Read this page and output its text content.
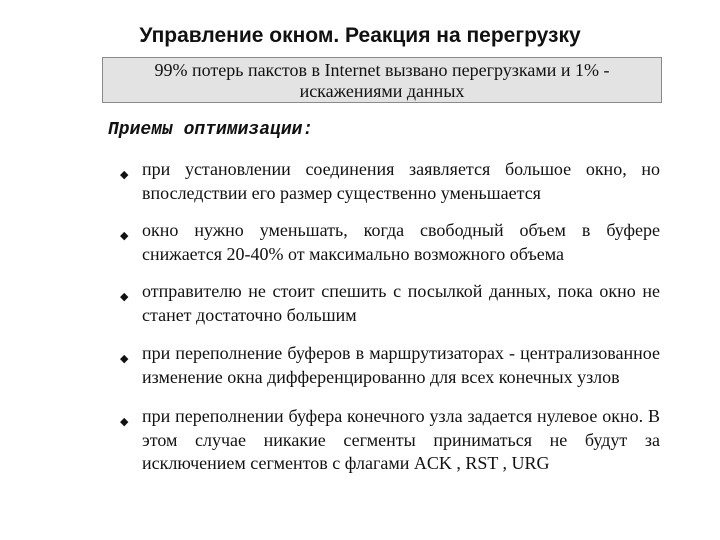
Управление окном. Реакция на перегрузку
99% потерь пакстов в Internet вызвано перегрузками и 1% -
искажениями данных
Приемы оптимизации:
◆ при установлении соединения заявляется большое окно, но впоследствии его размер существенно уменьшается
◆ окно нужно уменьшать, когда свободный объем в буфере снижается 20-40% от максимально возможного объема
◆ отправителю не стоит спешить с посылкой данных, пока окно не станет достаточно большим
◆ при переполнение буферов в маршрутизаторах - централизованное изменение окна дифференцированно для всех конечных узлов
◆ при переполнении буфера конечного узла задается нулевое окно. В этом случае никакие сегменты приниматься не будут за исключением сегментов с флагами ACK , RST , URG
